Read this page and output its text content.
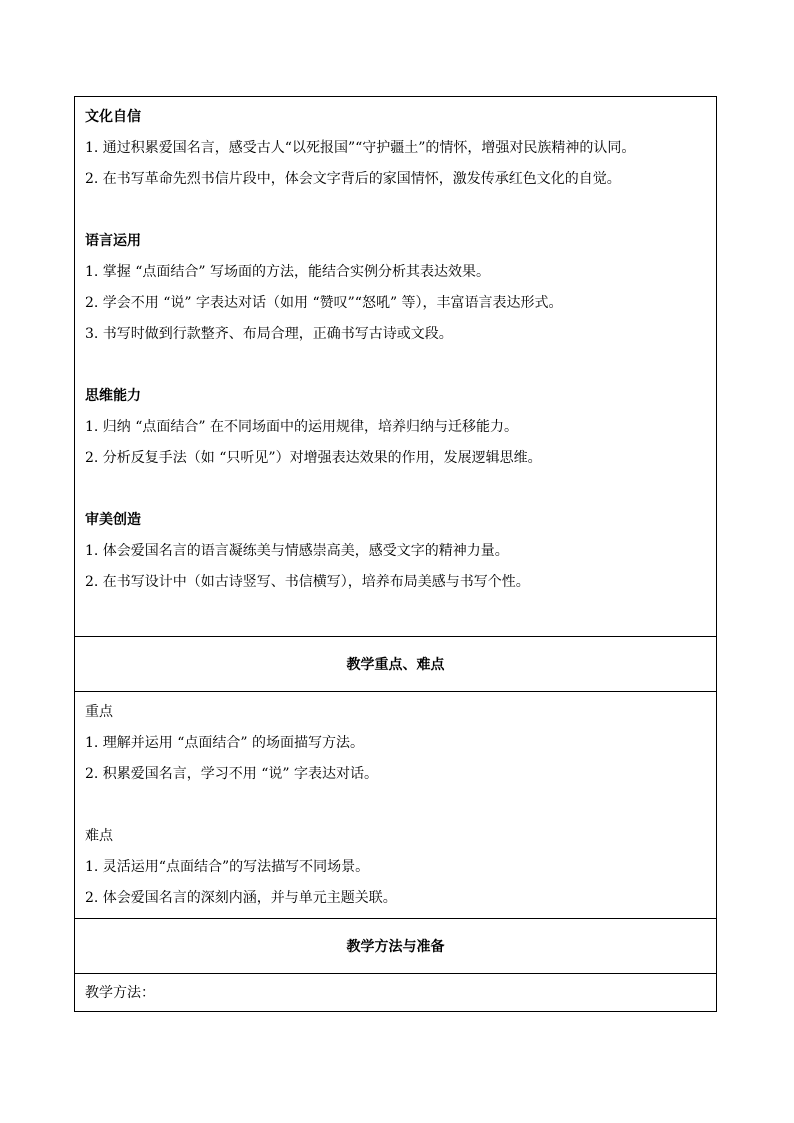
文化自信
1. 通过积累爱国名言，感受古人“以死报国”“守护疆土”的情怀，增强对民族精神的认同。
2. 在书写革命先烈书信片段中，体会文字背后的家国情怀，激发传承红色文化的自觉。
语言运用
1. 掌握 “点面结合” 写场面的方法，能结合实例分析其表达效果。
2. 学会不用 “说” 字表达对话（如用 “赞叹”“怒吼” 等），丰富语言表达形式。
3. 书写时做到行款整齐、布局合理，正确书写古诗或文段。
思维能力
1. 归纳 “点面结合” 在不同场面中的运用规律，培养归纳与迁移能力。
2. 分析反复手法（如 “只听见”）对增强表达效果的作用，发展逻辑思维。
审美创造
1. 体会爱国名言的语言凝练美与情感崇高美，感受文字的精神力量。
2. 在书写设计中（如古诗竖写、书信横写），培养布局美感与书写个性。
教学重点、难点
重点
1. 理解并运用 “点面结合” 的场面描写方法。
2. 积累爱国名言，学习不用 “说” 字表达对话。
难点
1. 灵活运用“点面结合”的写法描写不同场景。
2. 体会爱国名言的深刻内涵，并与单元主题关联。
教学方法与准备
教学方法：
